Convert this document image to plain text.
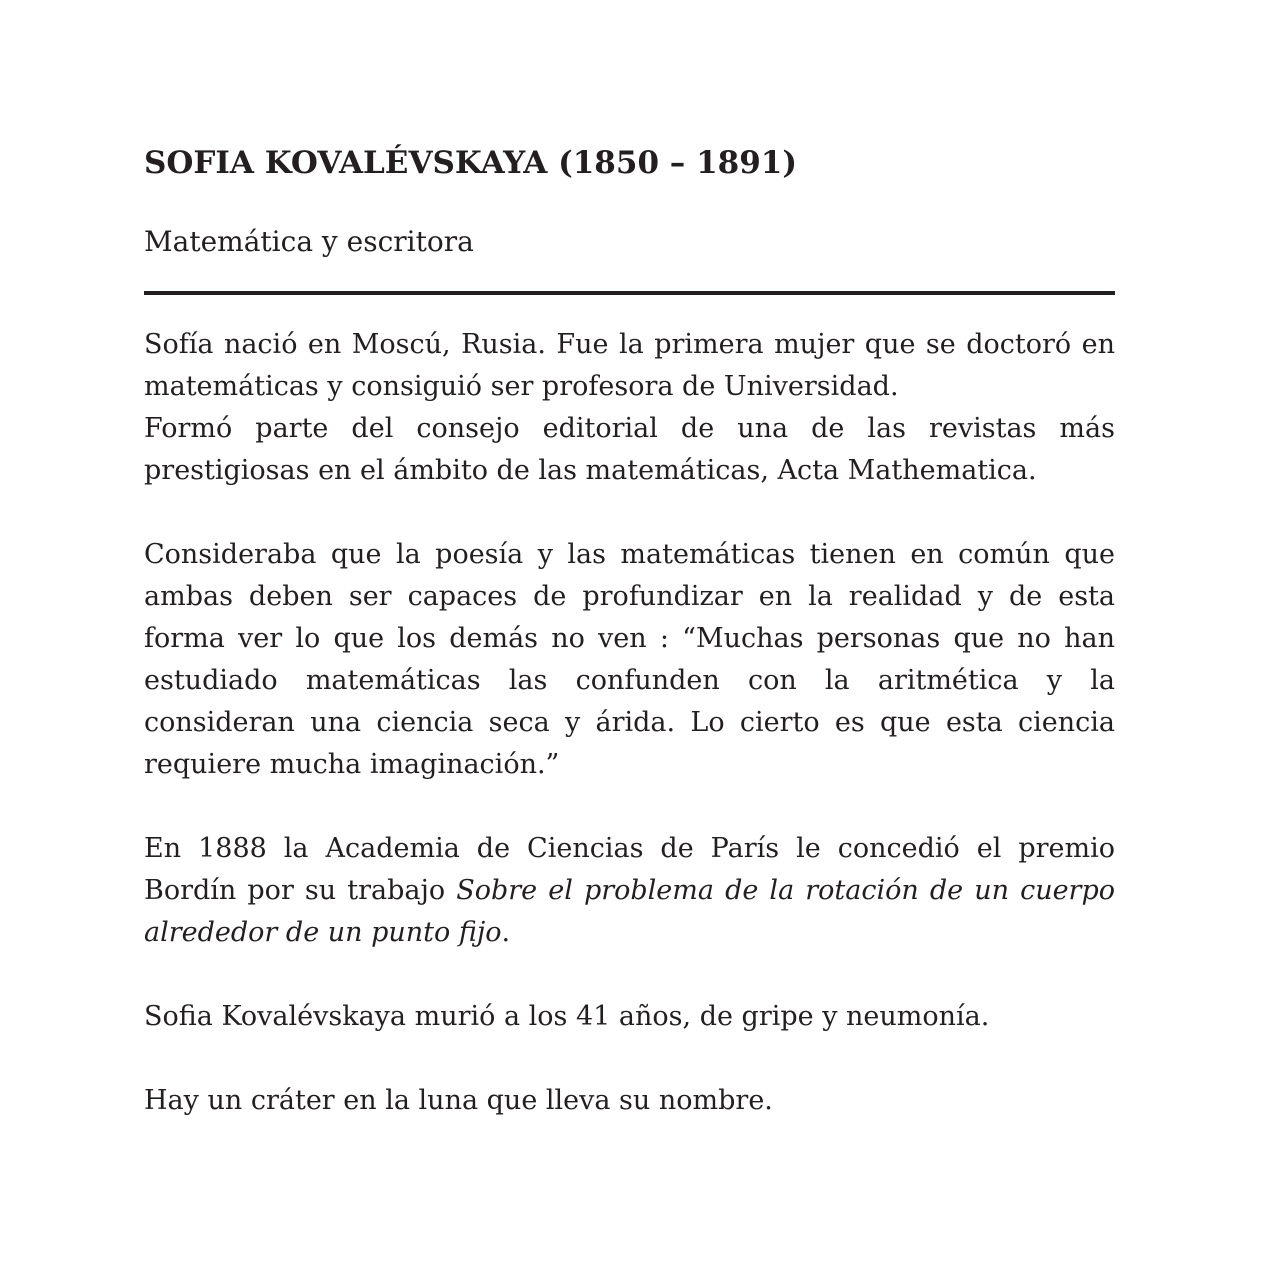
SOFIA KOVALÉVSKAYA (1850 – 1891)
Matemática y escritora

Sofía nació en Moscú, Rusia. Fue la primera mujer que se doctoró en matemáticas y consiguió ser profesora de Universidad.

Formó parte del consejo editorial de una de las revistas más prestigiosas en el ámbito de las matemáticas, Acta Mathematica.

Consideraba que la poesía y las matemáticas tienen en común que ambas deben ser capaces de profundizar en la realidad y de esta forma ver lo que los demás no ven : “Muchas personas que no han estudiado matemáticas las confunden con la aritmética y la consideran una ciencia seca y árida. Lo cierto es que esta ciencia requiere mucha imaginación.”

En 1888 la Academia de Ciencias de París le concedió el premio Bordín por su trabajo Sobre el problema de la rotación de un cuerpo alrededor de un punto fijo.

Sofia Kovalévskaya murió a los 41 años, de gripe y neumonía.

Hay un cráter en la luna que lleva su nombre.
